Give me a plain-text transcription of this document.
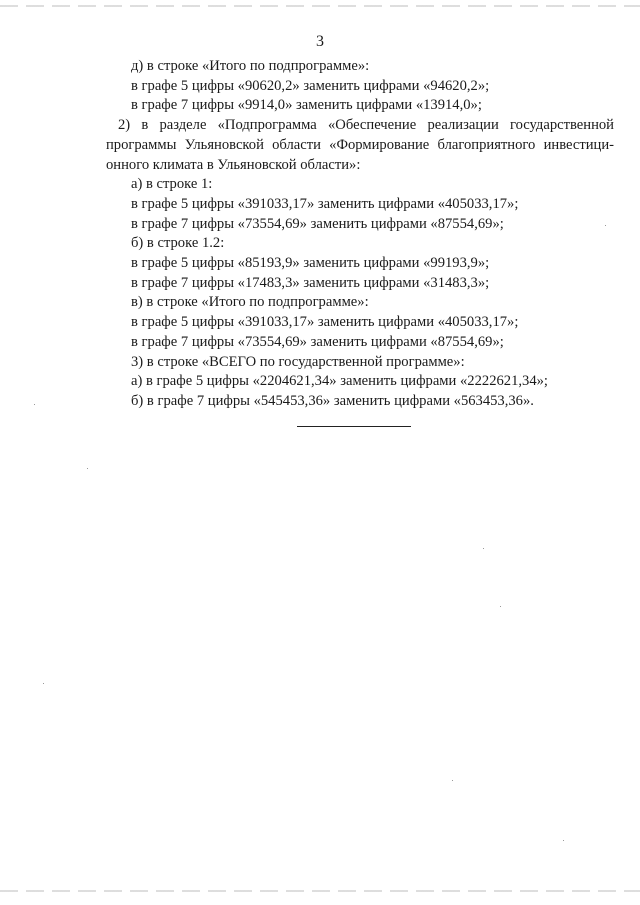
3
д) в строке «Итого по подпрограмме»:
в графе 5 цифры «90620,2» заменить цифрами «94620,2»;
в графе 7 цифры «9914,0» заменить цифрами «13914,0»;
2) в разделе «Подпрограмма «Обеспечение реализации государственной
программы Ульяновской области «Формирование благоприятного инвестици-
онного климата в Ульяновской области»:
а) в строке 1:
в графе 5 цифры «391033,17» заменить цифрами «405033,17»;
в графе 7 цифры «73554,69» заменить цифрами «87554,69»;
б) в строке 1.2:
в графе 5 цифры «85193,9» заменить цифрами «99193,9»;
в графе 7 цифры «17483,3» заменить цифрами «31483,3»;
в) в строке «Итого по подпрограмме»:
в графе 5 цифры «391033,17» заменить цифрами «405033,17»;
в графе 7 цифры «73554,69» заменить цифрами «87554,69»;
3) в строке «ВСЕГО по государственной программе»:
а) в графе 5 цифры «2204621,34» заменить цифрами «2222621,34»;
б) в графе 7 цифры «545453,36» заменить цифрами «563453,36».
